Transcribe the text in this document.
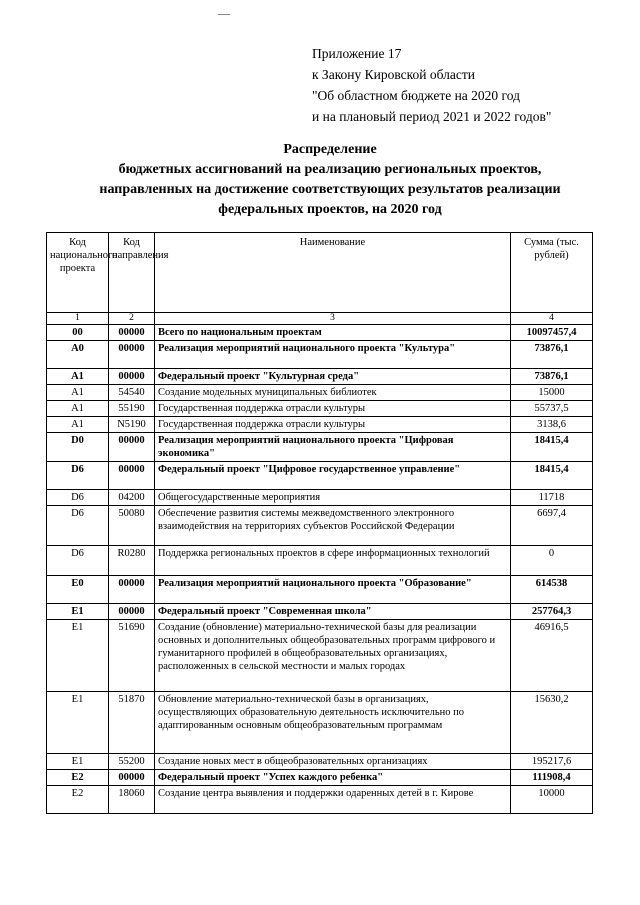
Приложение 17
к Закону Кировской области
"Об областном бюджете на 2020 год
и на плановый период 2021 и 2022 годов"
Распределение
бюджетных ассигнований на реализацию региональных проектов,
направленных на достижение соответствующих результатов реализации
федеральных проектов, на 2020 год
Код национального проекта	Код направления	Наименование	Сумма (тыс. рублей)
1	2	3	4
00	00000	Всего по национальным проектам	10097457,4
А0	00000	Реализация мероприятий национального проекта "Культура"	73876,1
А1	00000	Федеральный проект "Культурная среда"	73876,1
А1	54540	Создание модельных муниципальных библиотек	15000
А1	55190	Государственная поддержка отрасли культуры	55737,5
А1	N5190	Государственная поддержка отрасли культуры	3138,6
D0	00000	Реализация мероприятий национального проекта "Цифровая экономика"	18415,4
D6	00000	Федеральный проект "Цифровое государственное управление"	18415,4
D6	04200	Общегосударственные мероприятия	11718
D6	50080	Обеспечение развития системы межведомственного электронного взаимодействия на территориях субъектов Российской Федерации	6697,4
D6	R0280	Поддержка региональных проектов в сфере информационных технологий	0
Е0	00000	Реализация мероприятий национального проекта "Образование"	614538
Е1	00000	Федеральный проект "Современная школа"	257764,3
Е1	51690	Создание (обновление) материально-технической базы для реализации основных и дополнительных общеобразовательных программ цифрового и гуманитарного профилей в общеобразовательных организациях, расположенных в сельской местности и малых городах	46916,5
Е1	51870	Обновление материально-технической базы в организациях, осуществляющих образовательную деятельность исключительно по адаптированным основным общеобразовательным программам	15630,2
Е1	55200	Создание новых мест в общеобразовательных организациях	195217,6
Е2	00000	Федеральный проект "Успех каждого ребенка"	111908,4
Е2	18060	Создание центра выявления и поддержки одаренных детей в г. Кирове	10000
